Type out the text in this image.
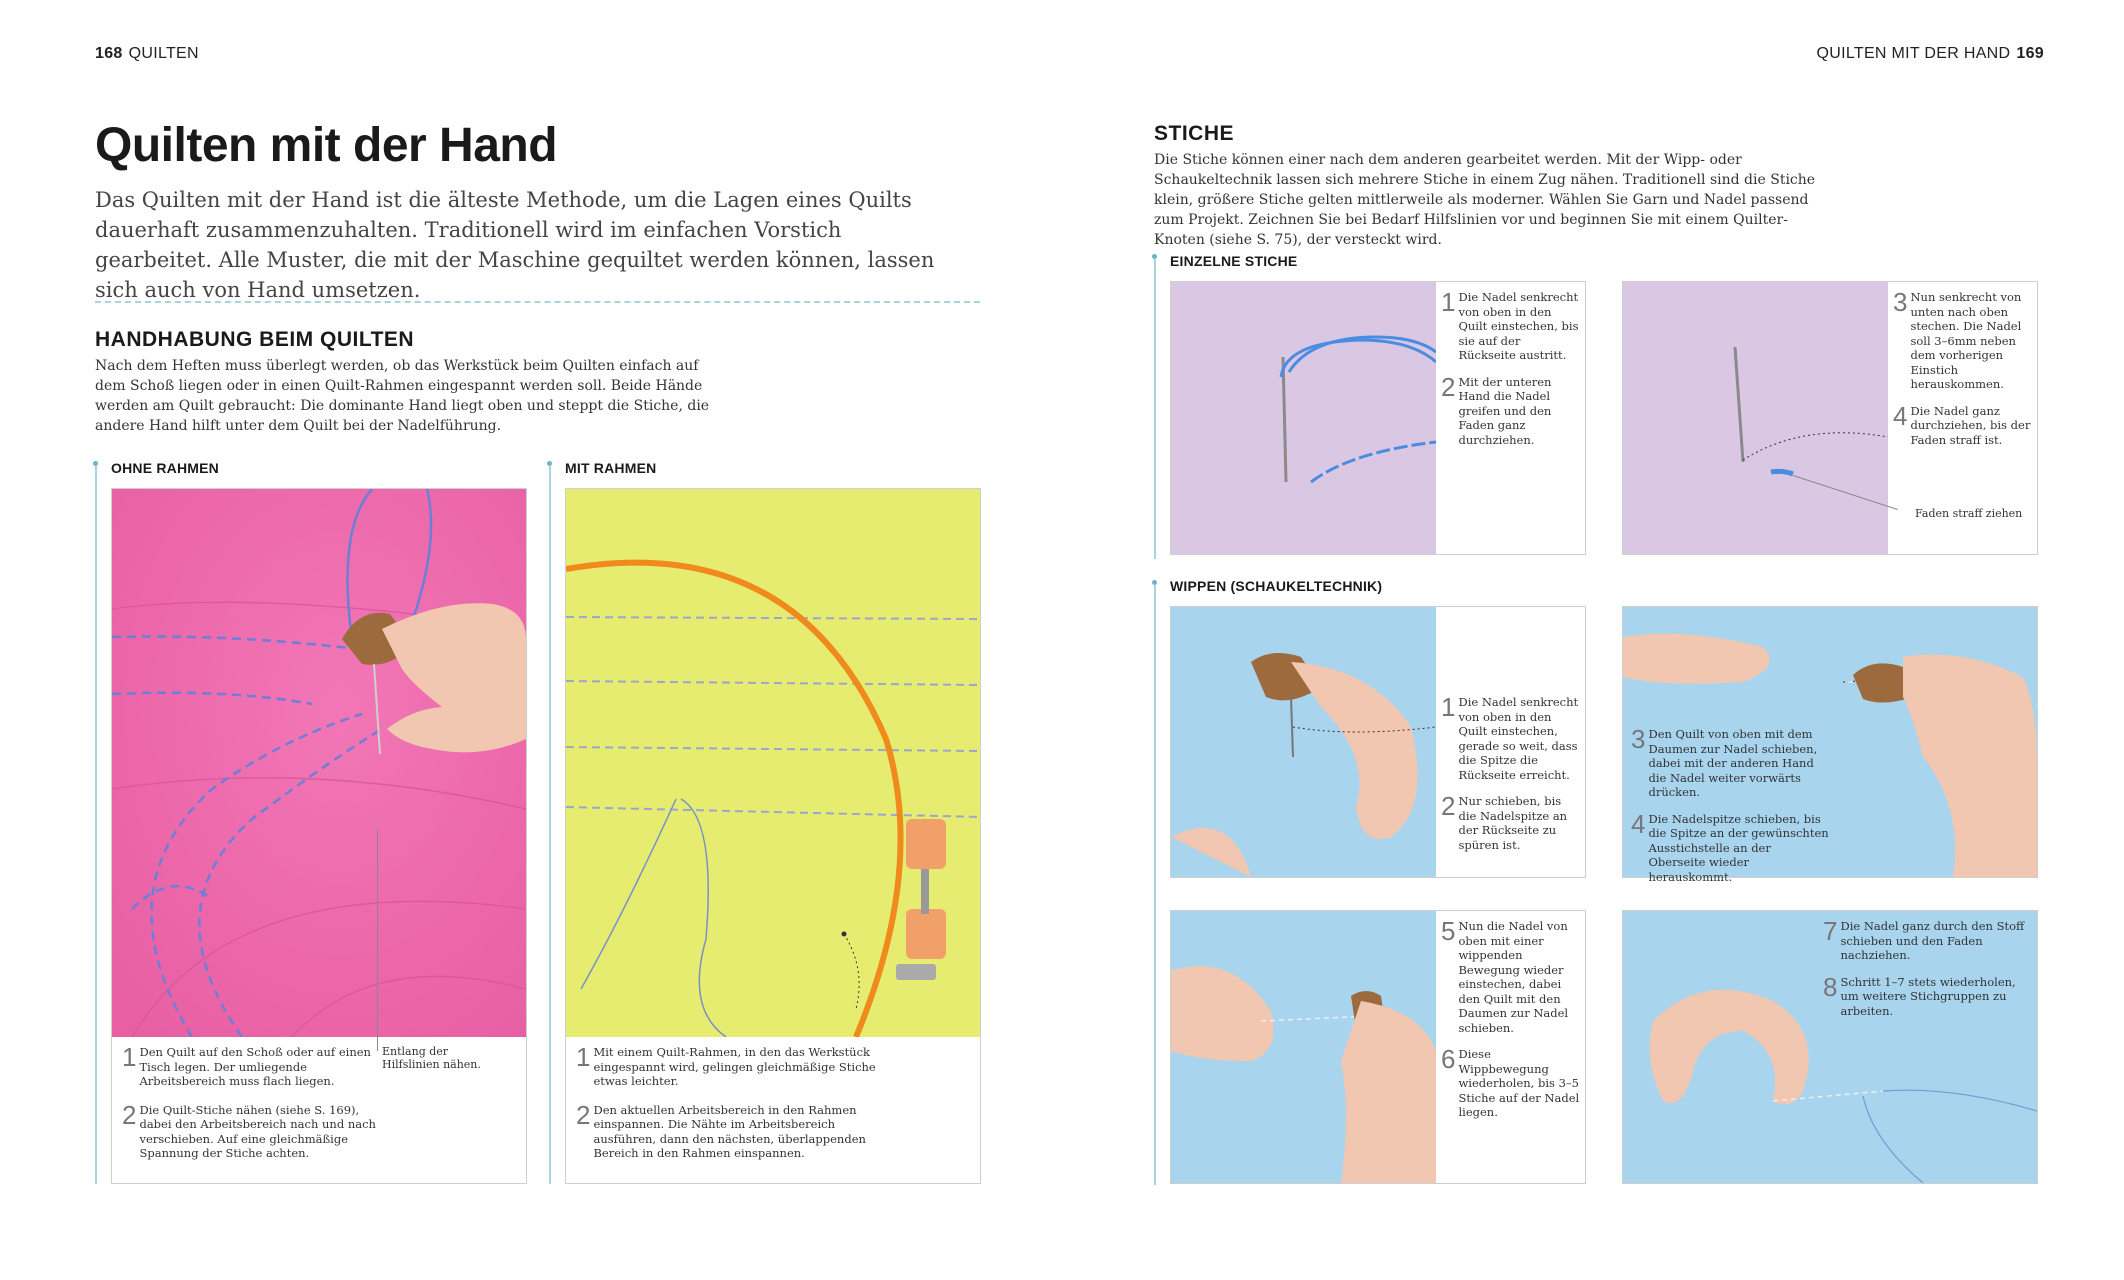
168 QUILTEN	QUILTEN MIT DER HAND 169
Quilten mit der Hand
Das Quilten mit der Hand ist die älteste Methode, um die Lagen eines Quilts dauerhaft zusammenzuhalten. Traditionell wird im einfachen Vorstich gearbeitet. Alle Muster, die mit der Maschine gequiltet werden können, lassen sich auch von Hand umsetzen.
HANDHABUNG BEIM QUILTEN
Nach dem Heften muss überlegt werden, ob das Werkstück beim Quilten einfach auf dem Schoß liegen oder in einen Quilt-Rahmen eingespannt werden soll. Beide Hände werden am Quilt gebraucht: Die dominante Hand liegt oben und steppt die Stiche, die andere Hand hilft unter dem Quilt bei der Nadelführung.
OHNE RAHMEN
Entlang der Hilfslinien nähen.
1 Den Quilt auf den Schoß oder auf einen Tisch legen. Der umliegende Arbeitsbereich muss flach liegen.
2 Die Quilt-Stiche nähen (siehe S. 169), dabei den Arbeitsbereich nach und nach verschieben. Auf eine gleichmäßige Spannung der Stiche achten.
MIT RAHMEN
1 Mit einem Quilt-Rahmen, in den das Werkstück eingespannt wird, gelingen gleichmäßige Stiche etwas leichter.
2 Den aktuellen Arbeitsbereich in den Rahmen einspannen. Die Nähte im Arbeitsbereich ausführen, dann den nächsten, überlappenden Bereich in den Rahmen einspannen.
STICHE
Die Stiche können einer nach dem anderen gearbeitet werden. Mit der Wipp- oder Schaukeltechnik lassen sich mehrere Stiche in einem Zug nähen. Traditionell sind die Stiche klein, größere Stiche gelten mittlerweile als moderner. Wählen Sie Garn und Nadel passend zum Projekt. Zeichnen Sie bei Bedarf Hilfslinien vor und beginnen Sie mit einem Quilter-Knoten (siehe S. 75), der versteckt wird.
EINZELNE STICHE
1 Die Nadel senkrecht von oben in den Quilt einstechen, bis sie auf der Rückseite austritt.
2 Mit der unteren Hand die Nadel greifen und den Faden ganz durchziehen.
3 Nun senkrecht von unten nach oben stechen. Die Nadel soll 3–6mm neben dem vorherigen Einstich herauskommen.
4 Die Nadel ganz durchziehen, bis der Faden straff ist.
Faden straff ziehen
WIPPEN (SCHAUKELTECHNIK)
1 Die Nadel senkrecht von oben in den Quilt einstechen, gerade so weit, dass die Spitze die Rückseite erreicht.
2 Nur schieben, bis die Nadelspitze an der Rückseite zu spüren ist.
3 Den Quilt von oben mit dem Daumen zur Nadel schieben, dabei mit der anderen Hand die Nadel weiter vorwärts drücken.
4 Die Nadelspitze schieben, bis die Spitze an der gewünschten Ausstichstelle an der Oberseite wieder herauskommt.
5 Nun die Nadel von oben mit einer wippenden Bewegung wieder einstechen, dabei den Quilt mit den Daumen zur Nadel schieben.
6 Diese Wippbewegung wiederholen, bis 3–5 Stiche auf der Nadel liegen.
7 Die Nadel ganz durch den Stoff schieben und den Faden nachziehen.
8 Schritt 1–7 stets wiederholen, um weitere Stichgruppen zu arbeiten.
